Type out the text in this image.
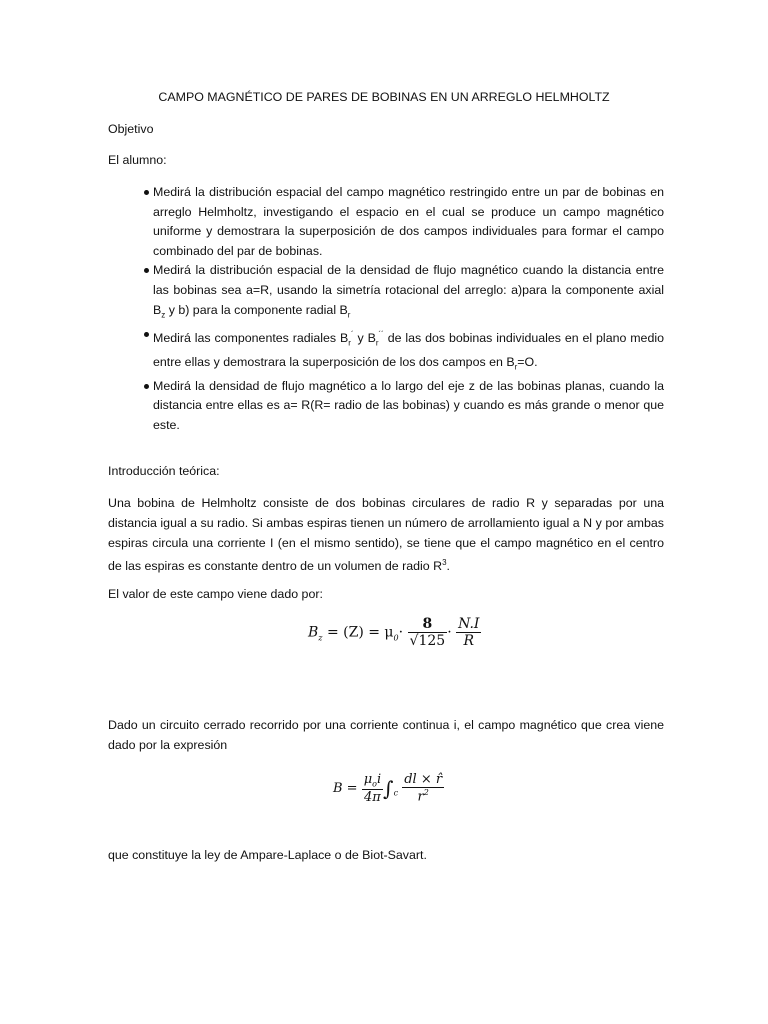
CAMPO MAGNÉTICO DE PARES DE BOBINAS EN UN ARREGLO HELMHOLTZ
Objetivo
El alumno:
Medirá la distribución espacial del campo magnético restringido entre un par de bobinas en arreglo Helmholtz, investigando el espacio en el cual se produce un campo magnético uniforme y demostrara la superposición de dos campos individuales para formar el campo combinado del par de bobinas.
Medirá la distribución espacial de la densidad de flujo magnético cuando la distancia entre las bobinas sea a=R, usando la simetría rotacional del arreglo: a)para la componente axial $B_z$ y b) para la componente radial $B_r$
Medirá las componentes radiales $B_r^´$ y $B_r^{´´}$ de las dos bobinas individuales en el plano medio entre ellas y demostrara la superposición de los dos campos en $B_r=O$.
Medirá la densidad de flujo magnético a lo largo del eje z de las bobinas planas, cuando la distancia entre ellas es a= R(R= radio de las bobinas) y cuando es más grande o menor que este.
Introducción teórica:
Una bobina de Helmholtz consiste de dos bobinas circulares de radio R y separadas por una distancia igual a su radio. Si ambas espiras tienen un número de arrollamiento igual a N y por ambas espiras circula una corriente I (en el mismo sentido), se tiene que el campo magnético en el centro de las espiras es constante dentro de un volumen de radio $R^3$.
El valor de este campo viene dado por:
$B_z = (Z) = \mu_0\cdot \frac{8}{√125} \cdot \frac{N.I}{R}$
Dado un circuito cerrado recorrido por una corriente continua i, el campo magnético que crea viene dado por la expresión
$B = \frac{\mu_oi}{4\pi} \int_c \frac{dl \times r̂}{r^2}$
que constituye la ley de Ampare-Laplace o de Biot-Savart.
